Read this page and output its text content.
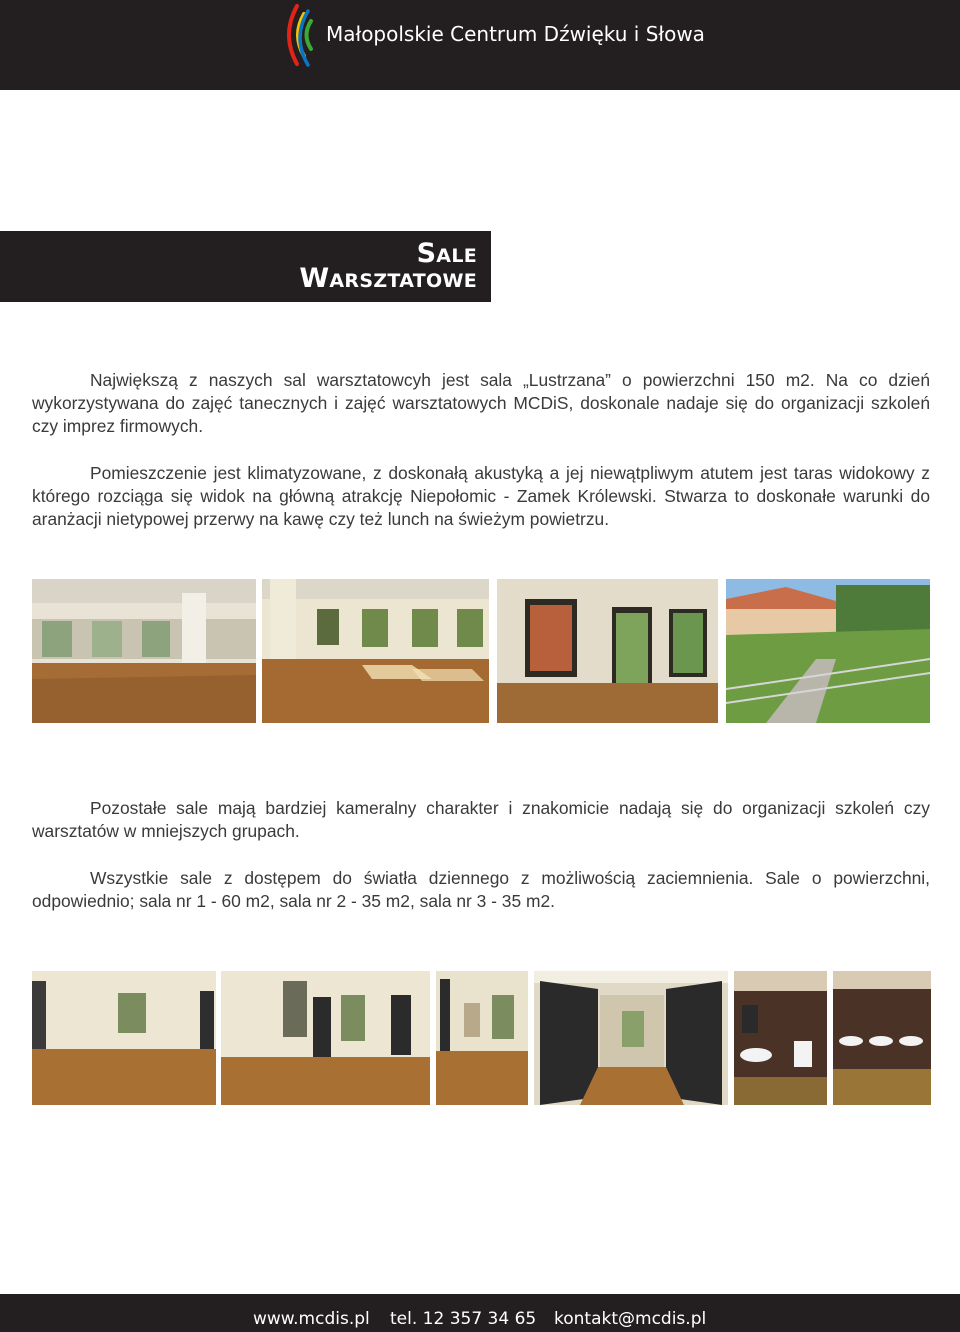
Małopolskie Centrum Dźwięku i Słowa
Sale
Warsztatowe

Największą z naszych sal warsztatowcyh jest sala „Lustrzana” o powierzchni 150 m2. Na co dzień wykorzystywana do zajęć tanecznych i zajęć warsztatowych MCDiS, doskonale nadaje się do organizacji szkoleń czy imprez firmowych.

Pomieszczenie jest klimatyzowane, z doskonałą akustyką a jej niewątpliwym atutem jest taras widokowy z którego rozciąga się widok na główną atrakcję Niepołomic - Zamek Królewski. Stwarza to doskonałe warunki do aranżacji nietypowej przerwy na kawę czy też lunch na świeżym powietrzu.

Pozostałe sale mają bardziej kameralny charakter i znakomicie nadają się do organizacji szkoleń czy warsztatów w mniejszych grupach.

Wszystkie sale z dostępem do światła dziennego z możliwością zaciemnienia. Sale o powierzchni, odpowiednio; sala nr 1 - 60 m2, sala nr 2 - 35 m2, sala nr 3 - 35 m2.

www.mcdis.pl tel. 12 357 34 65 kontakt@mcdis.pl
